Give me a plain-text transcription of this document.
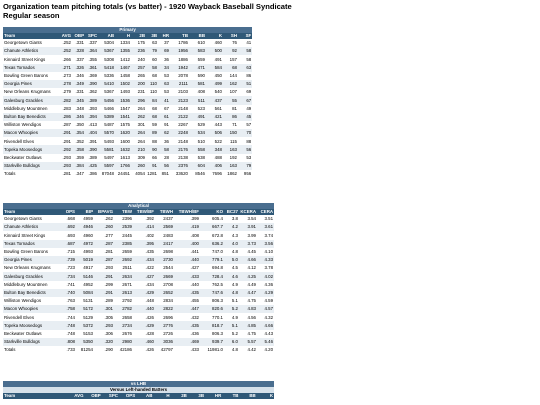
Organization team pitching totals (vs batter) - 1920 Wayback Baseball Syndicate
Regular season
Primary														
Team	AVG	OBP	SPC	AB	H	2B	3B	HR	TB	BB	K	SH	SF	
Georgetown Giants	.252	.331	.337	5304	1334	175	63	37	1786	610	460	76	41	
Chanute Athletics	.252	.328	.364	5367	1355	236	79	69	1956	583	500	92	58	
Kinnaird Street Kings	.266	.337	.355	5308	1412	240	60	36	1886	559	491	157	58	
Texas Tornados	.271	.326	.361	5418	1467	257	58	34	1942	471	584	68	63	
Bowling Green Barons	.273	.346	.369	5336	1458	265	68	53	2078	590	450	144	86	
Georgia Pines	.278	.349	.390	5410	1502	200	110	63	2111	581	499	162	51	
New Orleans Krugmans	.279	.331	.362	5367	1493	231	110	53	2103	408	540	107	69	
Galesburg Grackles	.282	.345	.389	5456	1536	296	84	41	2123	511	437	55	67	
Middlebury Mountmen	.283	.348	.393	5466	1547	264	68	67	2148	523	561	81	49	
Bulton Bay Benedicts	.286	.346	.394	5389	1541	262	68	61	2122	491	421	86	45	
Williston Wendigos	.287	.350	.413	5487	1575	301	59	91	2267	529	443	71	57	
Macon Whoopies	.291	.354	.404	5570	1620	264	89	62	2248	534	506	150	70	
Rivendell Elves	.291	.352	.391	5493	1600	264	88	36	2148	510	522	115	88	
Topeka Moosedogs	.292	.358	.390	5581	1632	210	90	58	2176	558	348	163	56	
Beckwater Outlaws	.293	.359	.389	5497	1613	309	66	28	2138	538	488	192	53	
Starkville Bulldogs	.293	.384	.425	5597	1766	260	91	56	2376	604	406	163	79	
Totals	.281	.347	.386	87048	24451	4054	1281	851	33620	8546	7696	1862	956	
Analytical											
Team	OPS	BIP	BPAVG	TBW	TBW/BF	TBWH	TBWH/BF	KO	BC27	KCERA	CERA
Georgetown Giants	.668	4959	.262	2396	.392	2437	.399	605.4	3.8	3.54	3.51
Chanute Athletics	.692	4946	.260	2539	.414	2569	.419	667.7	4.2	3.91	3.61
Kinnaird Street Kings	.693	4960	.277	2445	.402	2483	.408	672.8	4.3	3.99	3.74
Texas Tornados	.687	4972	.287	2385	.395	2417	.400	636.2	4.0	3.73	3.56
Bowling Green Barons	.715	4993	.281	2659	.435	2698	.441	747.0	4.8	4.45	4.10
Georgia Pines	.739	5019	.287	2692	.434	2730	.440	779.1	5.0	4.66	4.33
New Orleans Krugmans	.723	4917	.293	2511	.422	2544	.427	694.8	4.5	4.12	3.78
Galesburg Grackles	.734	5146	.291	2634	.427	2669	.433	728.4	4.6	4.25	4.02
Middlebury Mountmen	.741	4952	.299	2671	.434	2708	.440	762.5	4.9	4.49	4.36
Bulton Bay Benedicts	.740	5084	.291	2613	.429	2652	.435	747.6	4.8	4.47	4.29
Williston Wendigos	.763	5131	.289	2792	.448	2834	.455	806.3	5.1	4.75	4.59
Macon Whoopies	.758	5172	.301	2782	.440	2822	.447	820.6	5.2	4.83	4.57
Rivendell Elves	.744	5129	.305	2658	.426	2696	.432	770.1	4.9	4.56	4.32
Topeka Moosedogs	.748	5372	.293	2734	.429	2776	.435	818.7	5.1	4.85	4.66
Beckwater Outlaws	.748	5153	.306	2676	.428	2726	.436	806.3	5.2	4.75	4.43
Starkville Bulldogs	.808	5350	.320	2980	.460	3036	.469	939.7	6.0	5.57	5.46
Totals	.733	81254	.290	42186	.426	42797	.433	11981.0	4.8	4.42	4.20
vs LHB
Versus Left-handed Batters
Team	AVG	OBP	SPC	OPS	AB	H	2B	3B	HR	TB	BB	K
